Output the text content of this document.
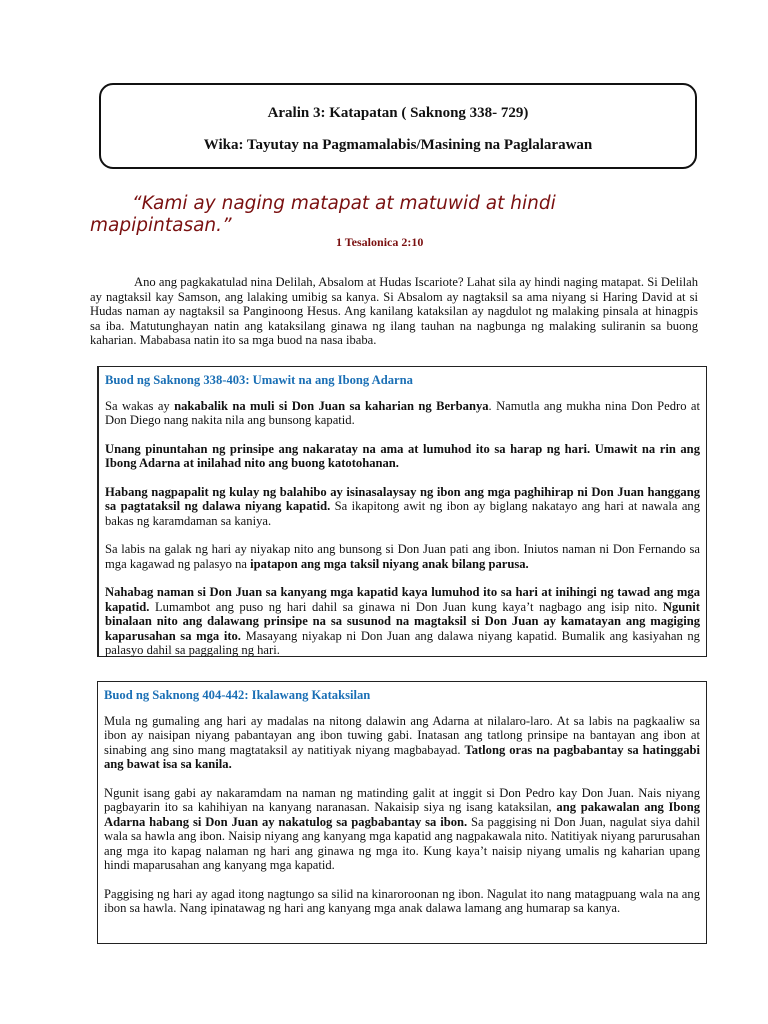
Aralin 3: Katapatan ( Saknong 338- 729)
Wika: Tayutay na Pagmamalabis/Masining na Paglalarawan

“Kami ay naging matapat at matuwid at hindi mapipintasan.”

1 Tesalonica 2:10

Ano ang pagkakatulad nina Delilah, Absalom at Hudas Iscariote? Lahat sila ay hindi naging matapat. Si Delilah ay nagtaksil kay Samson, ang lalaking umibig sa kanya. Si Absalom ay nagtaksil sa ama niyang si Haring David at si Hudas naman ay nagtaksil sa Panginoong Hesus. Ang kanilang kataksilan ay nagdulot ng malaking pinsala at hinagpis sa iba. Matutunghayan natin ang kataksilang ginawa ng ilang tauhan na nagbunga ng malaking suliranin sa buong kaharian. Mababasa natin ito sa mga buod na nasa ibaba.

Buod ng Saknong 338-403: Umawit na ang Ibong Adarna

Sa wakas ay nakabalik na muli si Don Juan sa kaharian ng Berbanya. Namutla ang mukha nina Don Pedro at Don Diego nang nakita nila ang bunsong kapatid.

Unang pinuntahan ng prinsipe ang nakaratay na ama at lumuhod ito sa harap ng hari. Umawit na rin ang Ibong Adarna at inilahad nito ang buong katotohanan.

Habang nagpapalit ng kulay ng balahibo ay isinasalaysay ng ibon ang mga paghihirap ni Don Juan hanggang sa pagtataksil ng dalawa niyang kapatid. Sa ikapitong awit ng ibon ay biglang nakatayo ang hari at nawala ang bakas ng karamdaman sa kaniya.

Sa labis na galak ng hari ay niyakap nito ang bunsong si Don Juan pati ang ibon. Iniutos naman ni Don Fernando sa mga kagawad ng palasyo na ipatapon ang mga taksil niyang anak bilang parusa.

Nahabag naman si Don Juan sa kanyang mga kapatid kaya lumuhod ito sa hari at inihingi ng tawad ang mga kapatid. Lumambot ang puso ng hari dahil sa ginawa ni Don Juan kung kaya’t nagbago ang isip nito. Ngunit binalaan nito ang dalawang prinsipe na sa susunod na magtaksil si Don Juan ay kamatayan ang magiging kaparusahan sa mga ito. Masayang niyakap ni Don Juan ang dalawa niyang kapatid. Bumalik ang kasiyahan ng palasyo dahil sa paggaling ng hari.

Buod ng Saknong 404-442: Ikalawang Kataksilan

Mula ng gumaling ang hari ay madalas na nitong dalawin ang Adarna at nilalaro-laro. At sa labis na pagkaaliw sa ibon ay naisipan niyang pabantayan ang ibon tuwing gabi. Inatasan ang tatlong prinsipe na bantayan ang ibon at sinabing ang sino mang magtataksil ay natitiyak niyang magbabayad. Tatlong oras na pagbabantay sa hatinggabi ang bawat isa sa kanila.

Ngunit isang gabi ay nakaramdam na naman ng matinding galit at inggit si Don Pedro kay Don Juan. Nais niyang pagbayarin ito sa kahihiyan na kanyang naranasan. Nakaisip siya ng isang kataksilan, ang pakawalan ang Ibong Adarna habang si Don Juan ay nakatulog sa pagbabantay sa ibon. Sa paggising ni Don Juan, nagulat siya dahil wala sa hawla ang ibon. Naisip niyang ang kanyang mga kapatid ang nagpakawala nito. Natitiyak niyang parurusahan ang mga ito kapag nalaman ng hari ang ginawa ng mga ito. Kung kaya’t naisip niyang umalis ng kaharian upang hindi maparusahan ang kanyang mga kapatid.

Paggising ng hari ay agad itong nagtungo sa silid na kinaroroonan ng ibon. Nagulat ito nang matagpuang wala na ang ibon sa hawla. Nang ipinatawag ng hari ang kanyang mga anak dalawa lamang ang humarap sa kanya.
